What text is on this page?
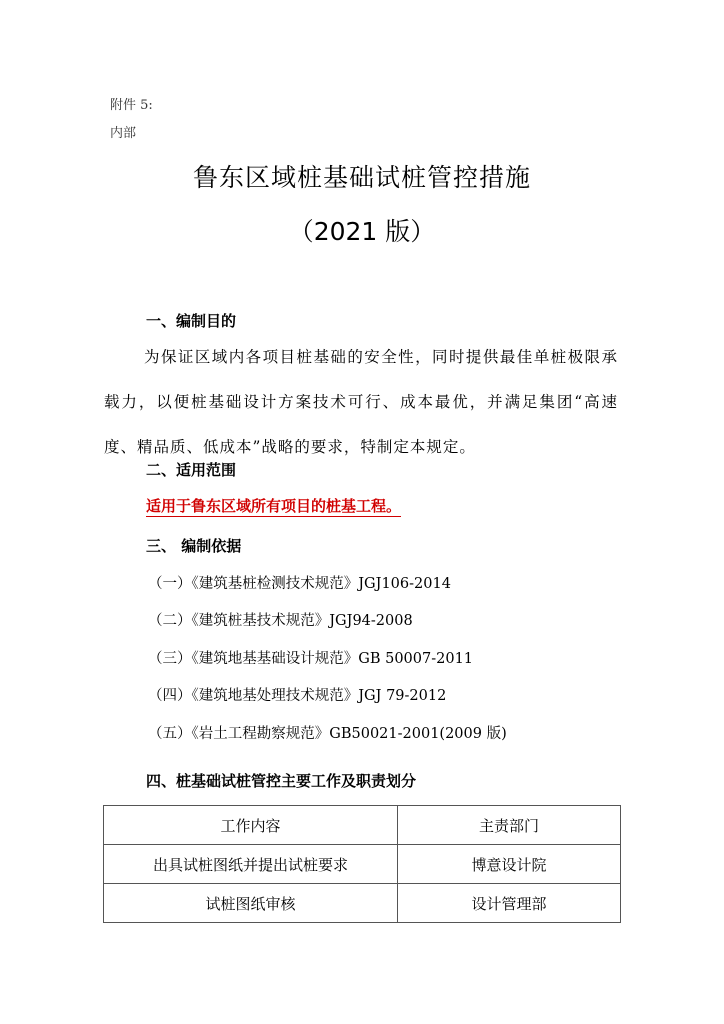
附件 5:
内部
鲁东区域桩基础试桩管控措施
（2021 版）
一、编制目的
为保证区域内各项目桩基础的安全性，同时提供最佳单桩极限承载力，以便桩基础设计方案技术可行、成本最优，并满足集团“高速度、精品质、低成本”战略的要求，特制定本规定。
二、适用范围
适用于鲁东区域所有项目的桩基工程。
三、 编制依据
（一）《建筑基桩检测技术规范》JGJ106-2014
（二）《建筑桩基技术规范》JGJ94-2008
（三）《建筑地基基础设计规范》GB 50007-2011
（四）《建筑地基处理技术规范》JGJ 79-2012
（五）《岩土工程勘察规范》GB50021-2001(2009 版)
四、桩基础试桩管控主要工作及职责划分
工作内容	主责部门
出具试桩图纸并提出试桩要求	博意设计院
试桩图纸审核	设计管理部
